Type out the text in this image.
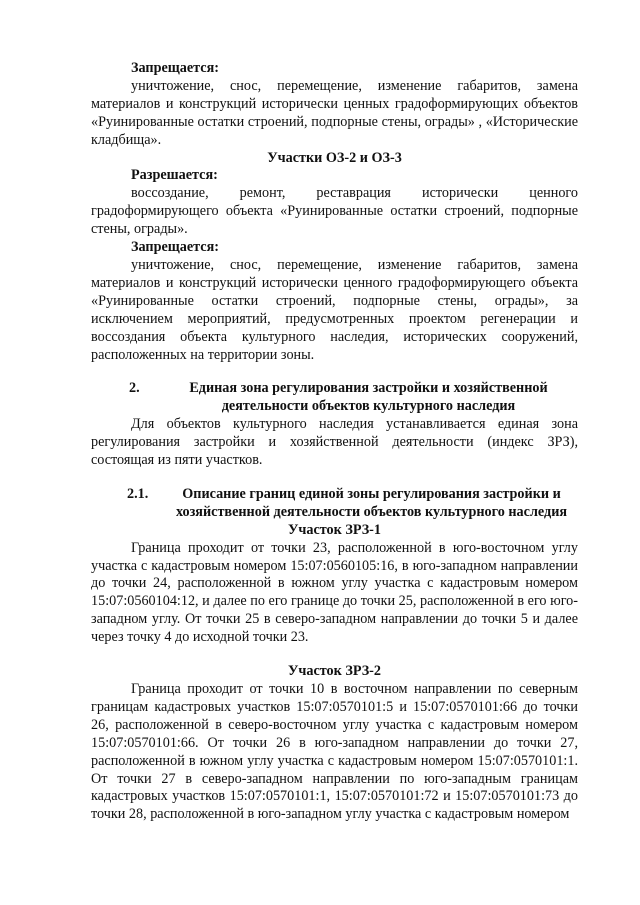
Запрещается:

уничтожение, снос, перемещение, изменение габаритов, замена материалов и конструкций исторически ценных градоформирующих объектов «Руинированные остатки строений, подпорные стены, ограды» , «Исторические кладбища».

Участки ОЗ-2 и ОЗ-3

Разрешается:

воссоздание, ремонт, реставрация исторически ценного градоформирующего объекта «Руинированные остатки строений, подпорные стены, ограды».

Запрещается:

уничтожение, снос, перемещение, изменение габаритов, замена материалов и конструкций исторически ценного градоформирующего объекта «Руинированные остатки строений, подпорные стены, ограды», за исключением мероприятий, предусмотренных проектом регенерации и воссоздания объекта культурного наследия, исторических сооружений, расположенных на территории зоны.

2.	Единая зона регулирования застройки и хозяйственной деятельности объектов культурного наследия

Для объектов культурного наследия устанавливается единая зона регулирования застройки и хозяйственной деятельности (индекс ЗРЗ), состоящая из пяти участков.

2.1.	Описание границ единой зоны регулирования застройки и хозяйственной деятельности объектов культурного наследия

Участок ЗРЗ-1

Граница проходит от точки 23, расположенной в юго-восточном углу участка с кадастровым номером 15:07:0560105:16, в юго-западном направлении до точки 24, расположенной в южном углу участка с кадастровым номером 15:07:0560104:12, и далее по его границе до точки 25, расположенной в его юго-западном углу. От точки 25 в северо-западном направлении до точки 5 и далее через точку 4 до исходной точки 23.

Участок ЗРЗ-2

Граница проходит от точки 10 в восточном направлении по северным границам кадастровых участков 15:07:0570101:5 и 15:07:0570101:66 до точки 26, расположенной в северо-восточном углу участка с кадастровым номером 15:07:0570101:66. От точки 26 в юго-западном направлении до точки 27, расположенной в южном углу участка с кадастровым номером 15:07:0570101:1. От точки 27 в северо-западном направлении по юго-западным границам кадастровых участков 15:07:0570101:1, 15:07:0570101:72 и 15:07:0570101:73 до точки 28, расположенной в юго-западном углу участка с кадастровым номером
